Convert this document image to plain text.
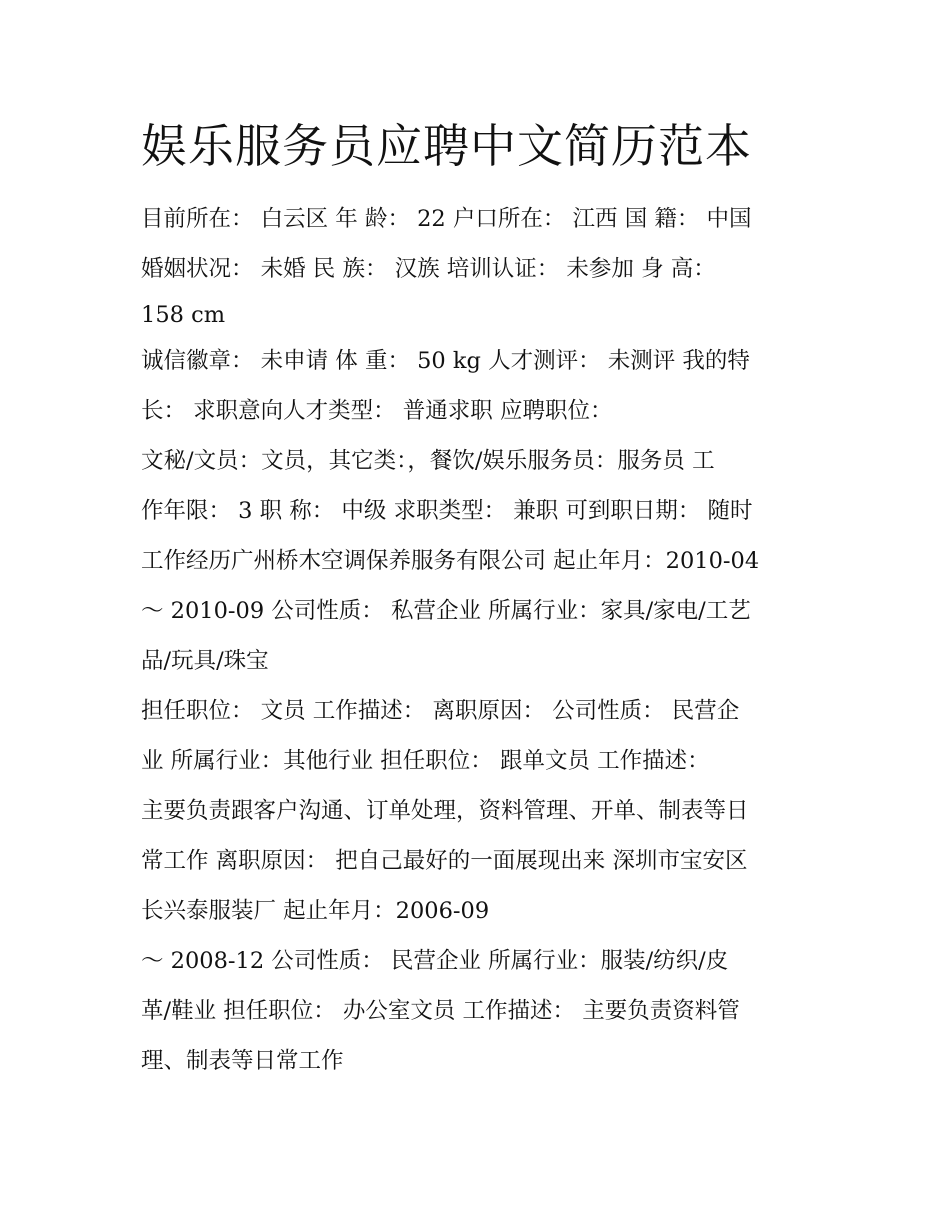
娱乐服务员应聘中文简历范本

目前所在： 白云区 年 龄： 22 户口所在： 江西 国 籍： 中国

婚姻状况： 未婚 民 族： 汉族 培训认证： 未参加 身 高：

158 cm

诚信徽章： 未申请 体 重： 50 kg 人才测评： 未测评 我的特

长： 求职意向人才类型： 普通求职 应聘职位：

文秘/文员：文员，其它类：，餐饮/娱乐服务员：服务员 工

作年限： 3 职 称： 中级 求职类型： 兼职 可到职日期： 随时

工作经历广州桥木空调保养服务有限公司 起止年月：2010-04

～ 2010-09 公司性质： 私营企业 所属行业：家具/家电/工艺

品/玩具/珠宝

担任职位： 文员 工作描述： 离职原因： 公司性质： 民营企

业 所属行业：其他行业 担任职位： 跟单文员 工作描述：

主要负责跟客户沟通、订单处理，资料管理、开单、制表等日

常工作 离职原因： 把自己最好的一面展现出来 深圳市宝安区

长兴泰服装厂 起止年月：2006-09

～ 2008-12 公司性质： 民营企业 所属行业：服装/纺织/皮

革/鞋业 担任职位： 办公室文员 工作描述： 主要负责资料管

理、制表等日常工作
